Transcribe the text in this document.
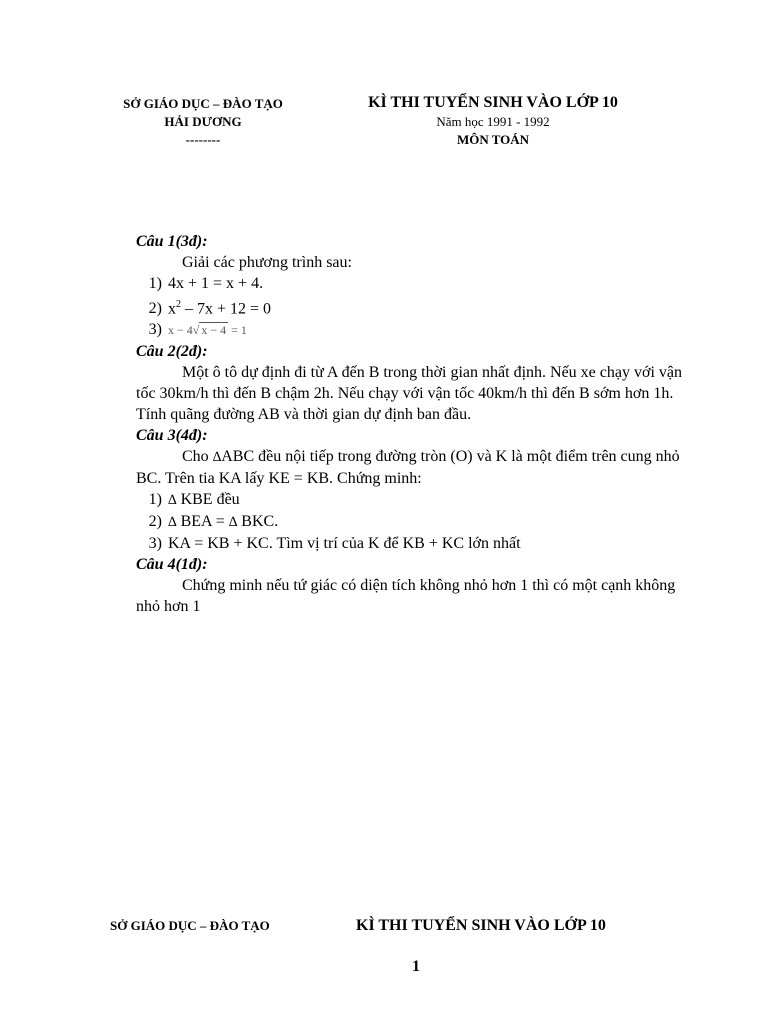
SỞ GIÁO DỤC – ĐÀO TẠO
HẢI DƯƠNG
--------
KÌ THI TUYỂN SINH VÀO LỚP 10
Năm học 1991 - 1992
MÔN TOÁN
Câu 1(3đ):
Giải các phương trình sau:
1) 4x + 1 = x + 4.
2) $x^2 - 7x + 12 = 0$
3) x − 4√ x − 4 = 1
Câu 2(2đ):
Một ô tô dự định đi từ A đến B trong thời gian nhất định. Nếu xe chạy với vận tốc 30km/h thì đến B chậm 2h. Nếu chạy với vận tốc 40km/h thì đến B sớm hơn 1h. Tính quãng đường AB và thời gian dự định ban đầu.
Câu 3(4đ):
Cho ∆ABC đều nội tiếp trong đường tròn (O) và K là một điểm trên cung nhỏ BC. Trên tia KA lấy KE = KB. Chứng minh:
1) ∆ KBE đều
2) ∆ BEA = ∆ BKC.
3) KA = KB + KC. Tìm vị trí của K để KB + KC lớn nhất
Câu 4(1đ):
Chứng minh nếu tứ giác có diện tích không nhỏ hơn 1 thì có một cạnh không nhỏ hơn 1
SỞ GIÁO DỤC – ĐÀO TẠO	KÌ THI TUYỂN SINH VÀO LỚP 10
1
